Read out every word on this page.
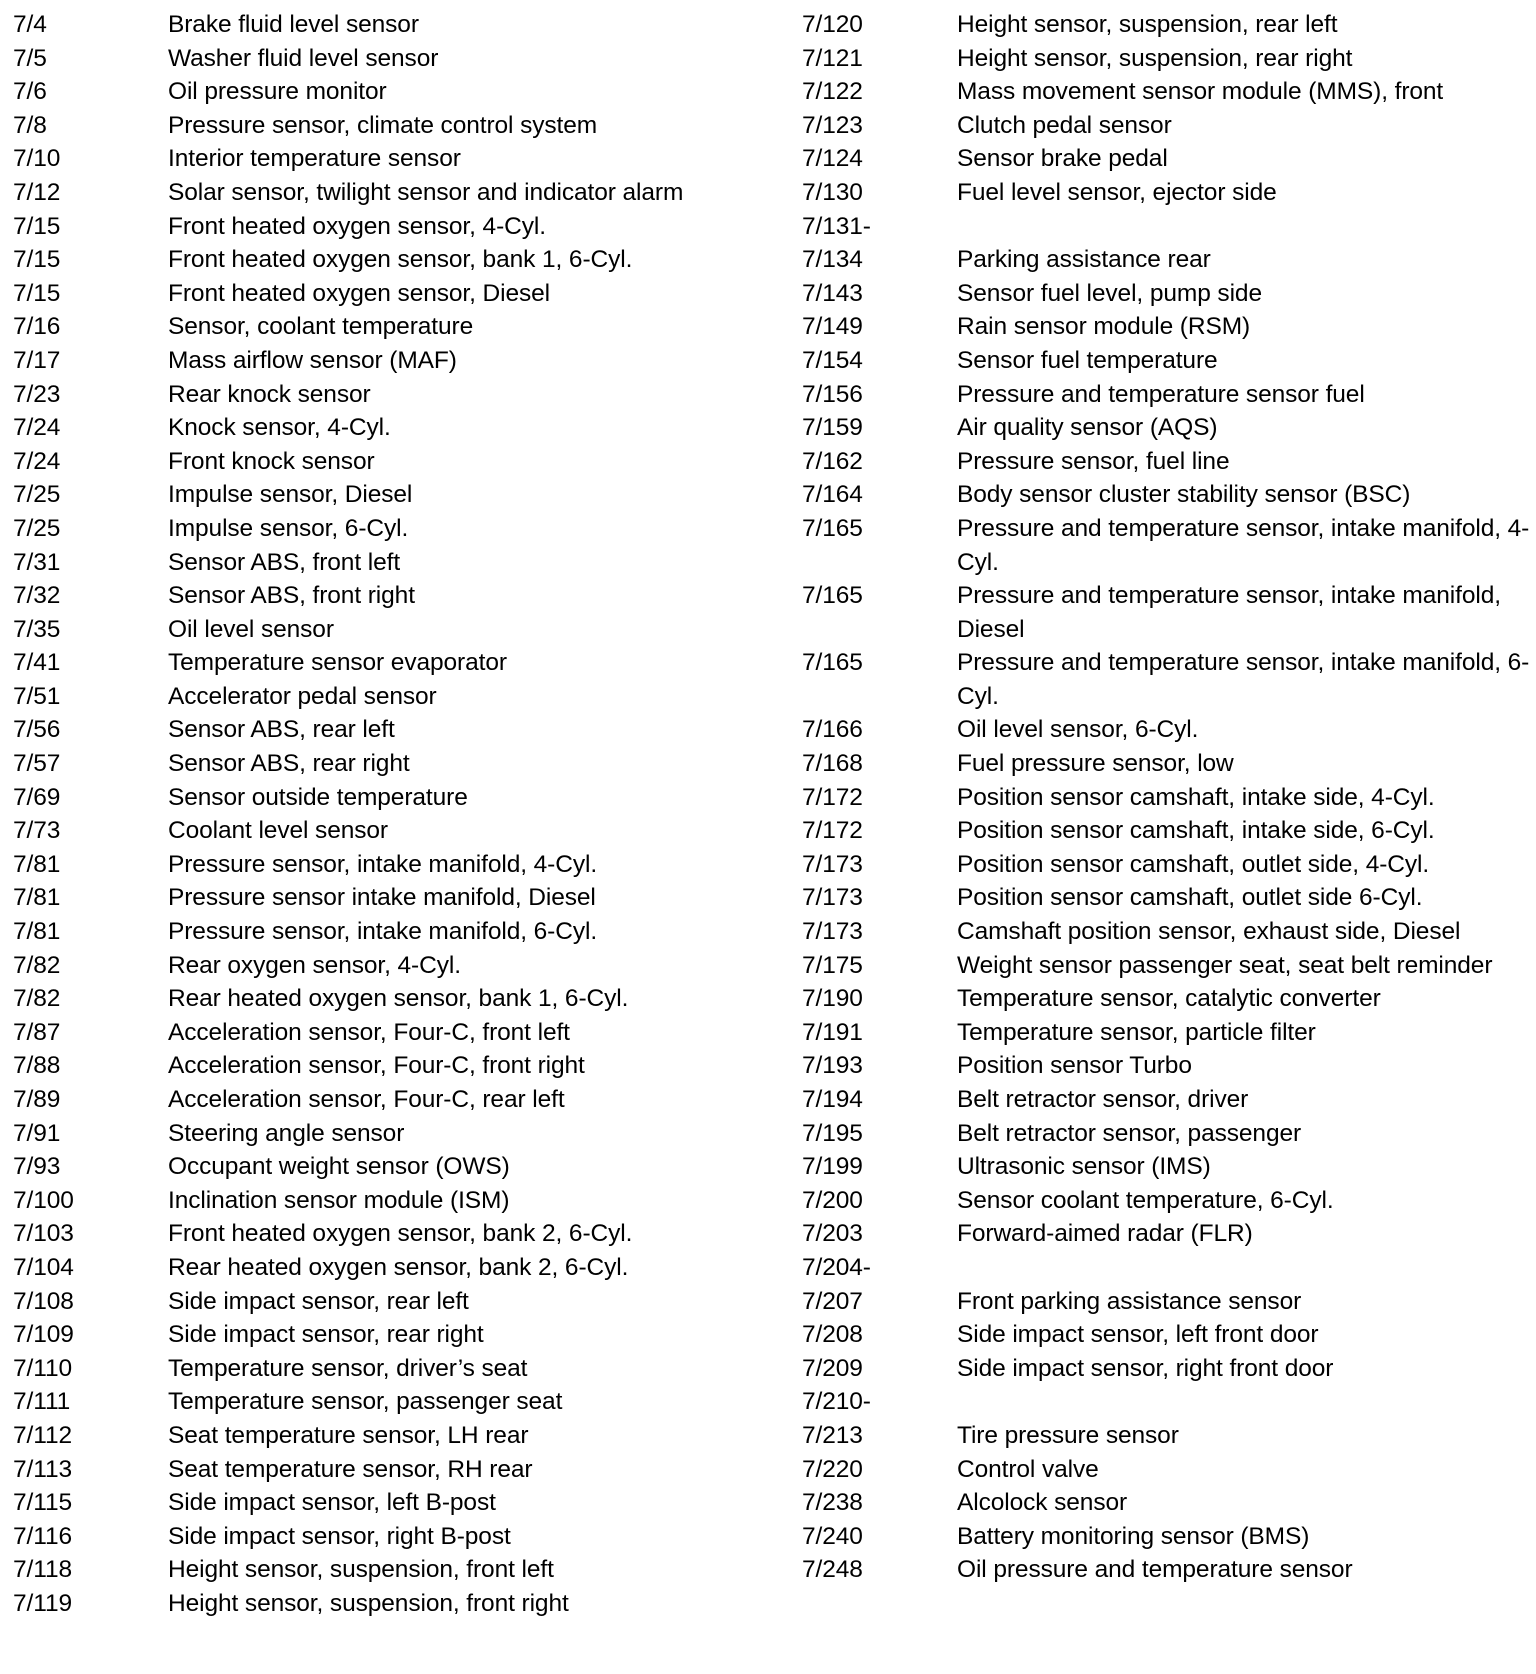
7/4	Brake fluid level sensor
7/5	Washer fluid level sensor
7/6	Oil pressure monitor
7/8	Pressure sensor, climate control system
7/10	Interior temperature sensor
7/12	Solar sensor, twilight sensor and indicator alarm
7/15	Front heated oxygen sensor, 4-Cyl.
7/15	Front heated oxygen sensor, bank 1, 6-Cyl.
7/15	Front heated oxygen sensor, Diesel
7/16	Sensor, coolant temperature
7/17	Mass airflow sensor (MAF)
7/23	Rear knock sensor
7/24	Knock sensor, 4-Cyl.
7/24	Front knock sensor
7/25	Impulse sensor, Diesel
7/25	Impulse sensor, 6-Cyl.
7/31	Sensor ABS, front left
7/32	Sensor ABS, front right
7/35	Oil level sensor
7/41	Temperature sensor evaporator
7/51	Accelerator pedal sensor
7/56	Sensor ABS, rear left
7/57	Sensor ABS, rear right
7/69	Sensor outside temperature
7/73	Coolant level sensor
7/81	Pressure sensor, intake manifold, 4-Cyl.
7/81	Pressure sensor intake manifold, Diesel
7/81	Pressure sensor, intake manifold, 6-Cyl.
7/82	Rear oxygen sensor, 4-Cyl.
7/82	Rear heated oxygen sensor, bank 1, 6-Cyl.
7/87	Acceleration sensor, Four-C, front left
7/88	Acceleration sensor, Four-C, front right
7/89	Acceleration sensor, Four-C, rear left
7/91	Steering angle sensor
7/93	Occupant weight sensor (OWS)
7/100	Inclination sensor module (ISM)
7/103	Front heated oxygen sensor, bank 2, 6-Cyl.
7/104	Rear heated oxygen sensor, bank 2, 6-Cyl.
7/108	Side impact sensor, rear left
7/109	Side impact sensor, rear right
7/110	Temperature sensor, driver’s seat
7/111	Temperature sensor, passenger seat
7/112	Seat temperature sensor, LH rear
7/113	Seat temperature sensor, RH rear
7/115	Side impact sensor, left B-post
7/116	Side impact sensor, right B-post
7/118	Height sensor, suspension, front left
7/119	Height sensor, suspension, front right
7/120	Height sensor, suspension, rear left
7/121	Height sensor, suspension, rear right
7/122	Mass movement sensor module (MMS), front
7/123	Clutch pedal sensor
7/124	Sensor brake pedal
7/130	Fuel level sensor, ejector side
7/131-
7/134	Parking assistance rear
7/143	Sensor fuel level, pump side
7/149	Rain sensor module (RSM)
7/154	Sensor fuel temperature
7/156	Pressure and temperature sensor fuel
7/159	Air quality sensor (AQS)
7/162	Pressure sensor, fuel line
7/164	Body sensor cluster stability sensor (BSC)
7/165	Pressure and temperature sensor, intake manifold, 4-Cyl.
7/165	Pressure and temperature sensor, intake manifold, Diesel
7/165	Pressure and temperature sensor, intake manifold, 6-Cyl.
7/166	Oil level sensor, 6-Cyl.
7/168	Fuel pressure sensor, low
7/172	Position sensor camshaft, intake side, 4-Cyl.
7/172	Position sensor camshaft, intake side, 6-Cyl.
7/173	Position sensor camshaft, outlet side, 4-Cyl.
7/173	Position sensor camshaft, outlet side 6-Cyl.
7/173	Camshaft position sensor, exhaust side, Diesel
7/175	Weight sensor passenger seat, seat belt reminder
7/190	Temperature sensor, catalytic converter
7/191	Temperature sensor, particle filter
7/193	Position sensor Turbo
7/194	Belt retractor sensor, driver
7/195	Belt retractor sensor, passenger
7/199	Ultrasonic sensor (IMS)
7/200	Sensor coolant temperature, 6-Cyl.
7/203	Forward-aimed radar (FLR)
7/204-
7/207	Front parking assistance sensor
7/208	Side impact sensor, left front door
7/209	Side impact sensor, right front door
7/210-
7/213	Tire pressure sensor
7/220	Control valve
7/238	Alcolock sensor
7/240	Battery monitoring sensor (BMS)
7/248	Oil pressure and temperature sensor
